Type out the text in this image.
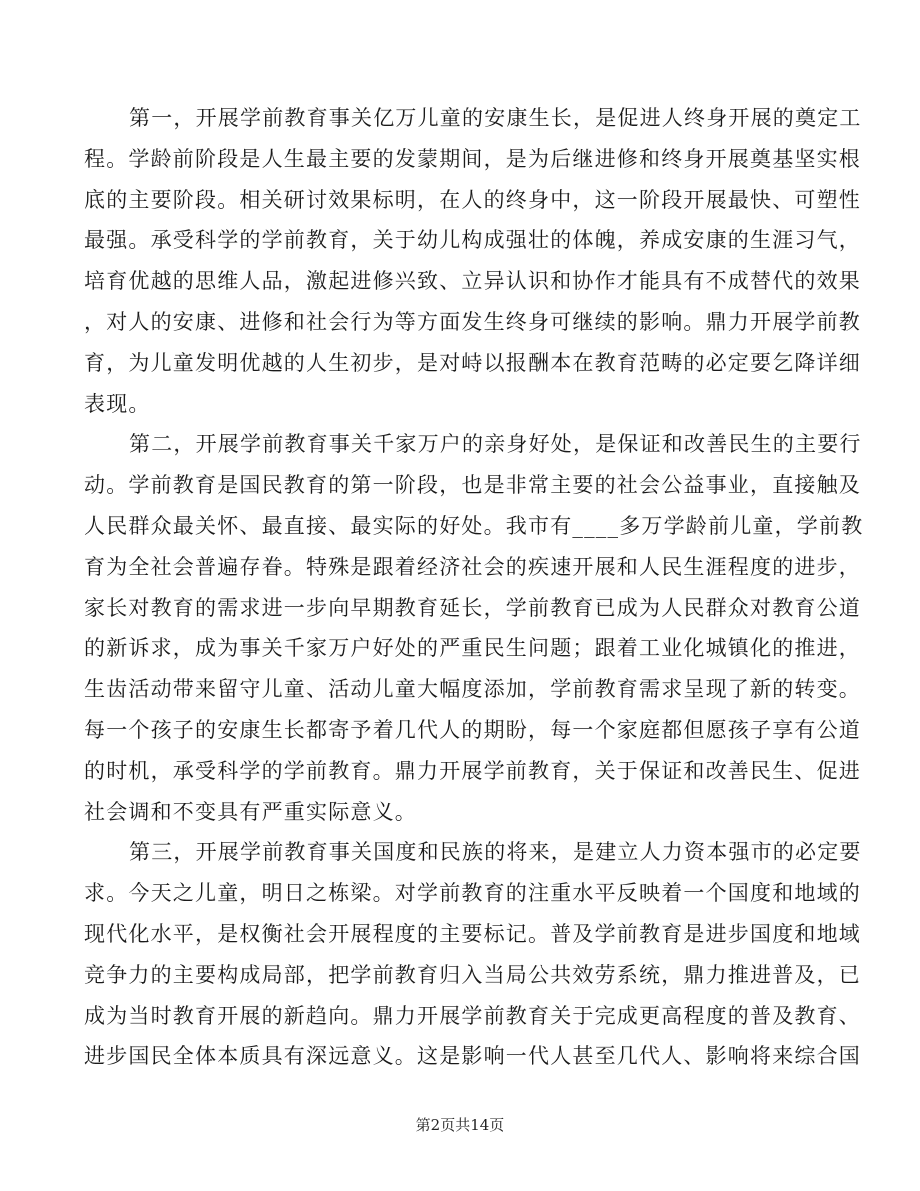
第一，开展学前教育事关亿万儿童的安康生长，是促进人终身开展的奠定工
程。学龄前阶段是人生最主要的发蒙期间，是为后继进修和终身开展奠基坚实根
底的主要阶段。相关研讨效果标明，在人的终身中，这一阶段开展最快、可塑性
最强。承受科学的学前教育，关于幼儿构成强壮的体魄，养成安康的生涯习气，
培育优越的思维人品，激起进修兴致、立异认识和协作才能具有不成替代的效果
，对人的安康、进修和社会行为等方面发生终身可继续的影响。鼎力开展学前教
育，为儿童发明优越的人生初步，是对峙以报酬本在教育范畴的必定要乞降详细
表现。
第二，开展学前教育事关千家万户的亲身好处，是保证和改善民生的主要行
动。学前教育是国民教育的第一阶段，也是非常主要的社会公益事业，直接触及
人民群众最关怀、最直接、最实际的好处。我市有____多万学龄前儿童，学前教
育为全社会普遍存眷。特殊是跟着经济社会的疾速开展和人民生涯程度的进步，
家长对教育的需求进一步向早期教育延长，学前教育已成为人民群众对教育公道
的新诉求，成为事关千家万户好处的严重民生问题；跟着工业化城镇化的推进，
生齿活动带来留守儿童、活动儿童大幅度添加，学前教育需求呈现了新的转变。
每一个孩子的安康生长都寄予着几代人的期盼，每一个家庭都但愿孩子享有公道
的时机，承受科学的学前教育。鼎力开展学前教育，关于保证和改善民生、促进
社会调和不变具有严重实际意义。
第三，开展学前教育事关国度和民族的将来，是建立人力资本强市的必定要
求。今天之儿童，明日之栋梁。对学前教育的注重水平反映着一个国度和地域的
现代化水平，是权衡社会开展程度的主要标记。普及学前教育是进步国度和地域
竞争力的主要构成局部，把学前教育归入当局公共效劳系统，鼎力推进普及，已
成为当时教育开展的新趋向。鼎力开展学前教育关于完成更高程度的普及教育、
进步国民全体本质具有深远意义。这是影响一代人甚至几代人、影响将来综合国
第2页共14页
